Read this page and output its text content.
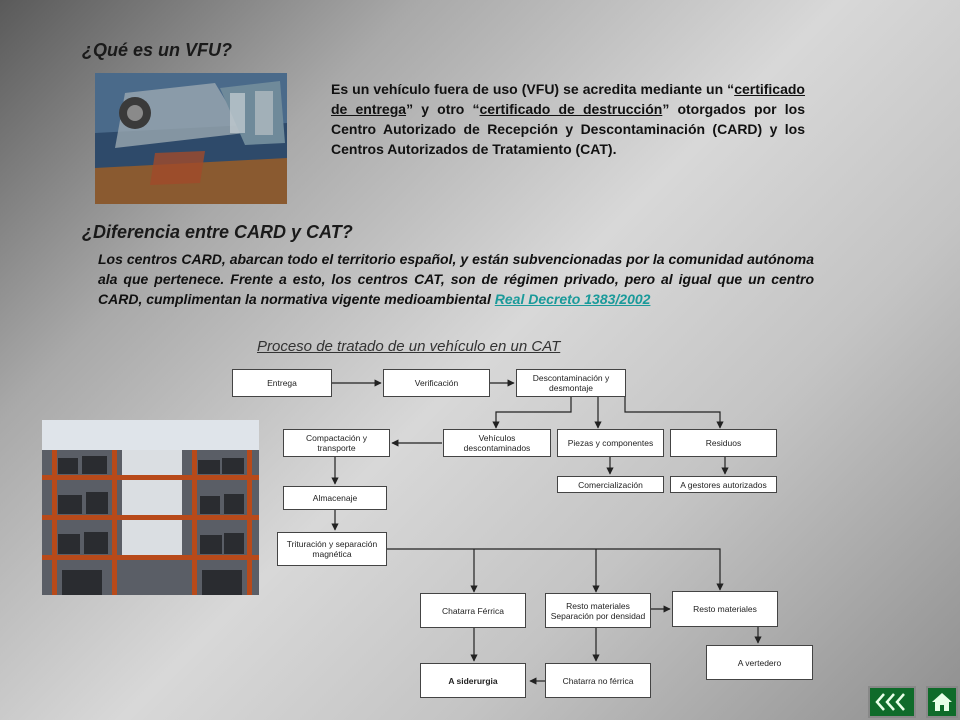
¿Qué es un VFU?
Es un vehículo fuera de uso (VFU) se acredita mediante un “certificado de entrega” y otro “certificado de destrucción” otorgados por los Centro Autorizado de Recepción y Descontaminación (CARD) y los Centros Autorizados de Tratamiento (CAT).
¿Diferencia entre CARD y CAT?
Los centros CARD, abarcan todo el territorio español, y están subvencionadas por la comunidad autónoma ala que pertenece. Frente a esto, los centros CAT, son de régimen privado, pero al igual que un centro CARD, cumplimentan la normativa vigente medioambiental Real Decreto 1383/2002
Proceso de tratado de un vehículo en un CAT
Entrega	Verificación	Descontaminación y desmontaje
Compactación y transporte
Vehículos descontaminados	Piezas y componentes	Residuos
Comercialización	A gestores autorizados
Almacenaje
Trituración y separación magnética
Chatarra Férrica	Resto materiales Separación por densidad
Resto materiales
A vertedero
A siderurgia	Chatarra no férrica
